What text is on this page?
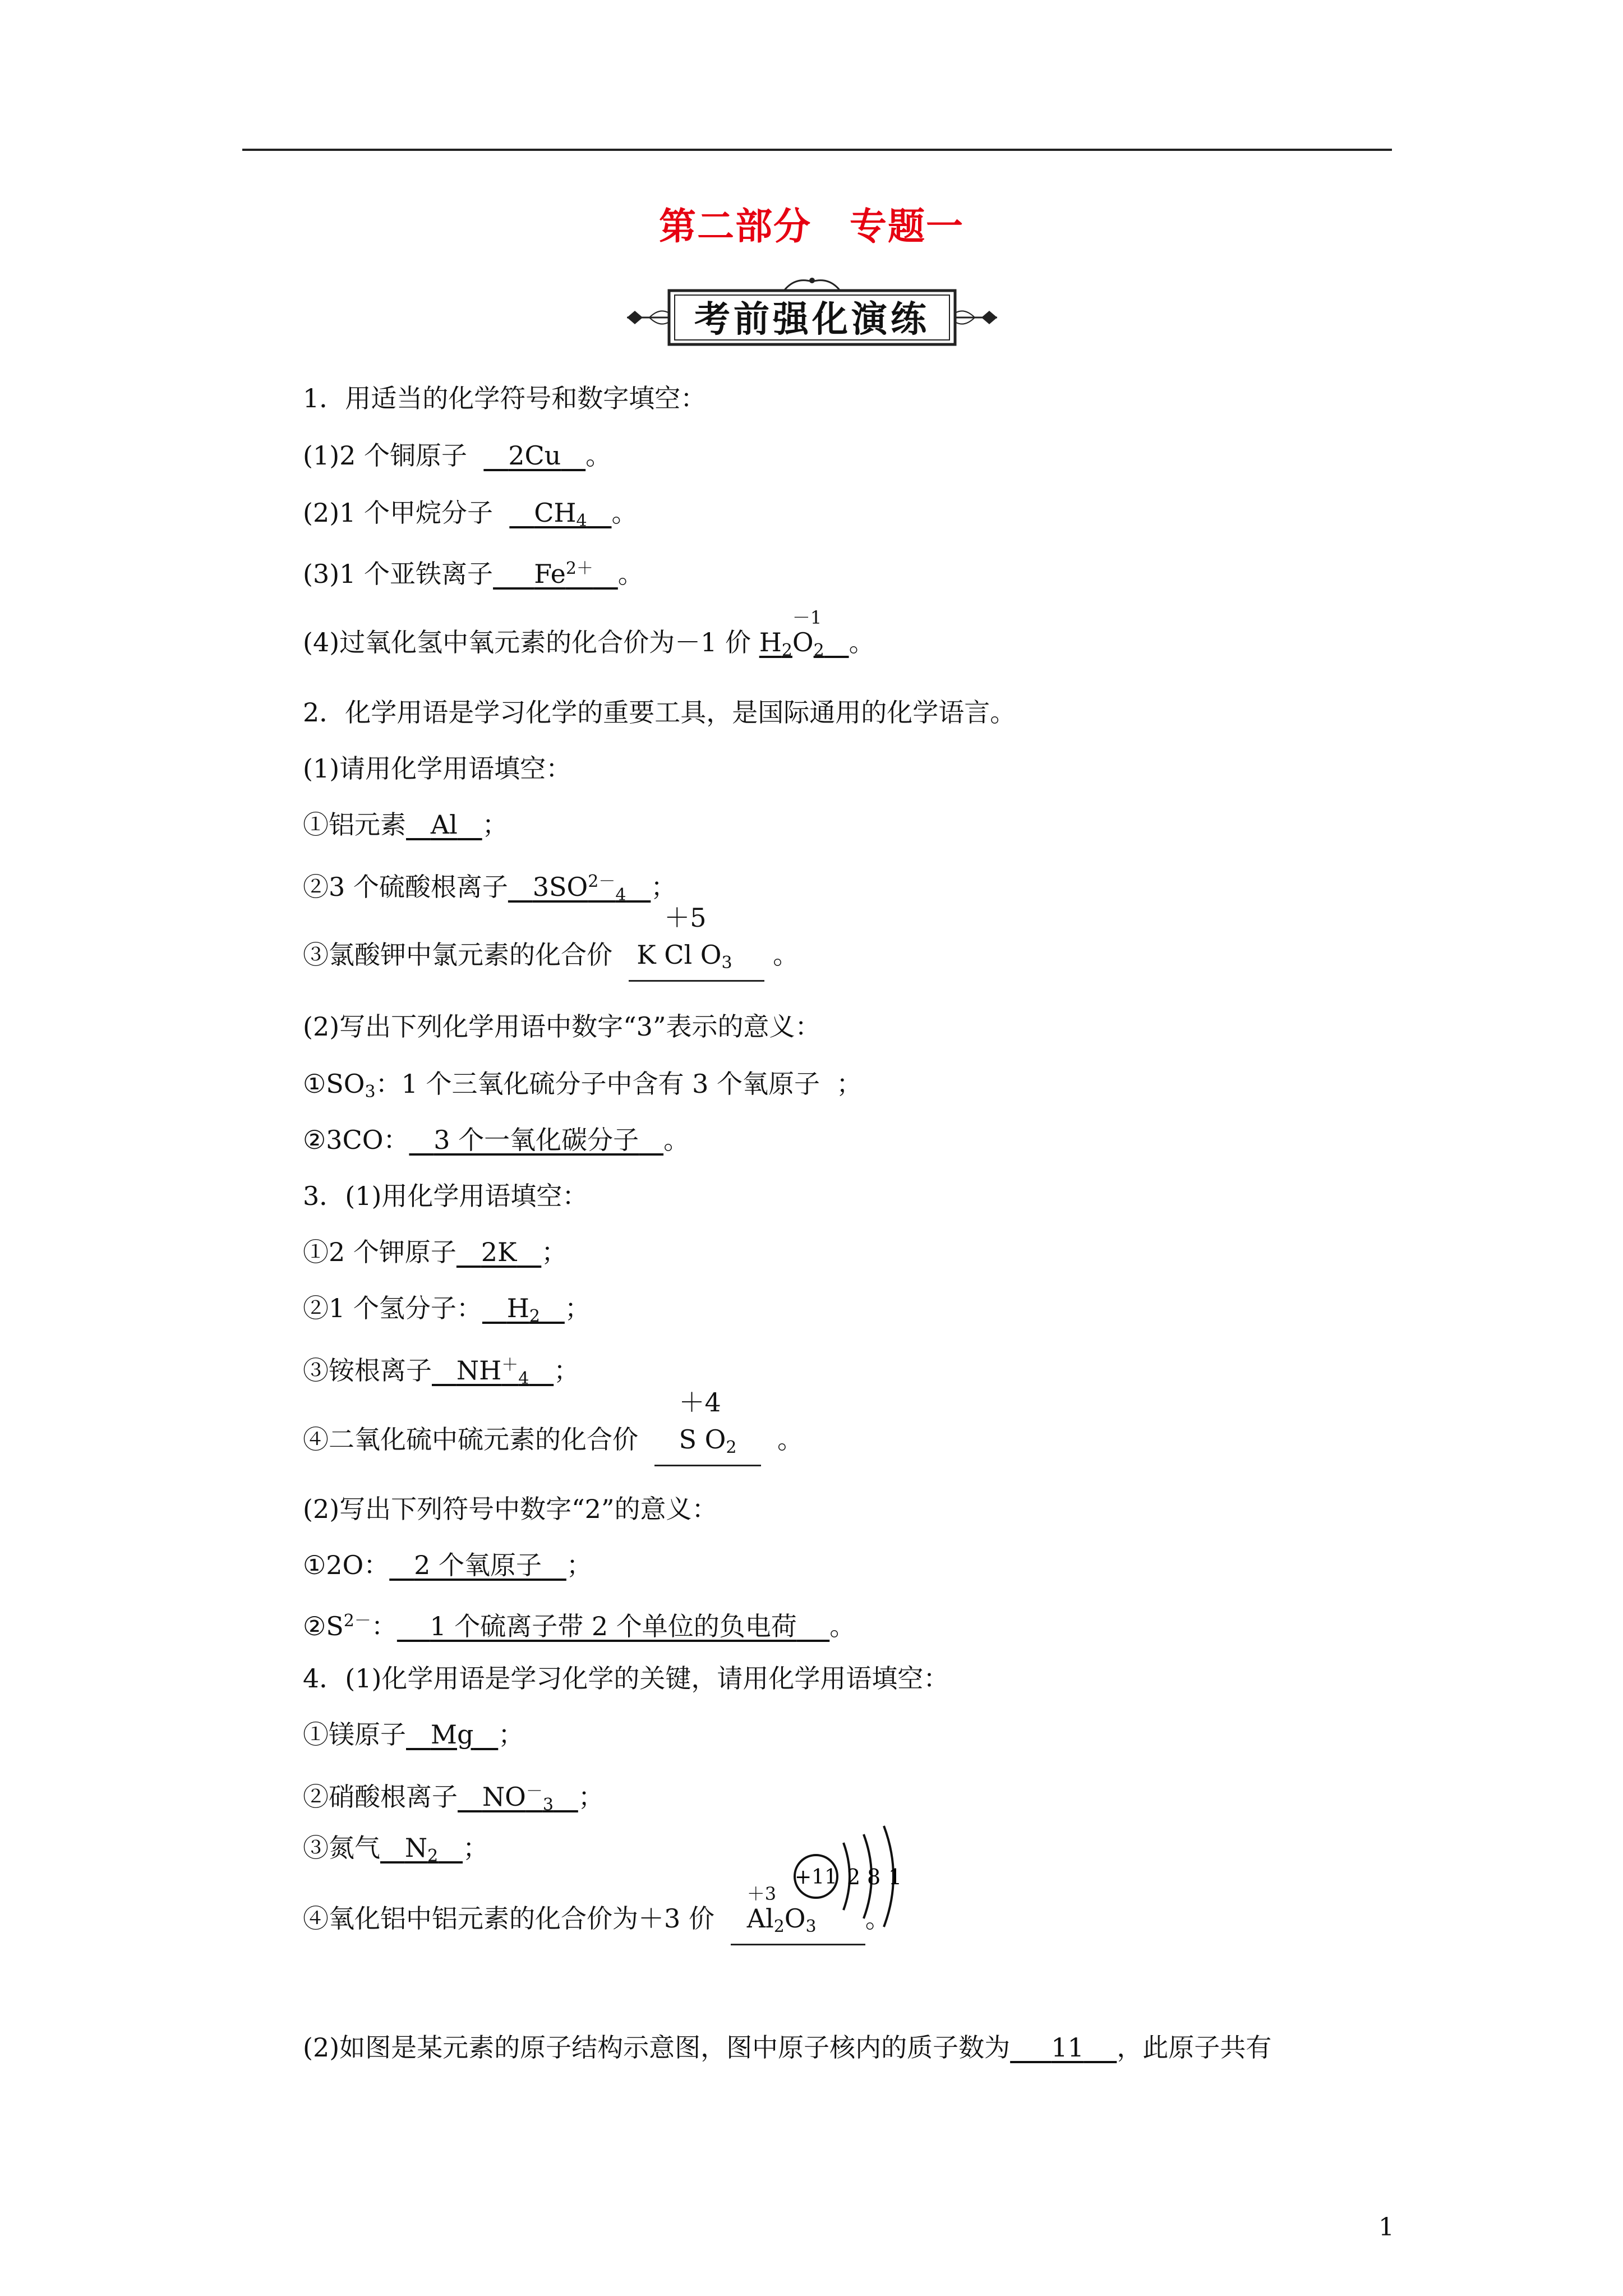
第二部分　专题一
考前强化演练
1．用适当的化学符号和数字填空：
(1)2 个铜原子 2Cu 。
(2)1 个甲烷分子 $CH_4$ 。
(3)1 个亚铁离子 $Fe^{2+}$ 。
(4)过氧化氢中氧元素的化合价为－1 价 $H_2$
－1
$O_2$ 。
2．化学用语是学习化学的重要工具，是国际通用的化学语言。
(1)请用化学用语填空：
①铝元素 Al ；
②3 个硫酸根离子 $3SO^{2-}_4$ ；
③氯酸钾中氯元素的化合价 K
＋5
Cl $O_3$ 。
(2)写出下列化学用语中数字“3”表示的意义：
$①SO_3$：1 个三氧化硫分子中含有 3 个氧原子 ；
②3CO： 3 个一氧化碳分子 。
3．(1)用化学用语填空：
①2 个钾原子 2K ；
②1 个氢分子： $H_2$ ；
③铵根离子 $NH^+_4$ ；
④二氧化硫中硫元素的化合价
＋4
S $O_2$ 。
(2)写出下列符号中数字“2”的意义：
①2O： 2 个氧原子 ；
$②S^{2-}$： 1 个硫离子带 2 个单位的负电荷 。
4．(1)化学用语是学习化学的关键，请用化学用语填空：
①镁原子 Mg ；
②硝酸根离子 $NO^-_3$ ；
③氮气 $N_2$ ；
④氧化铝中铝元素的化合价为＋3 价
＋3
$Al_2O_3$ 。
+11 2 8 1
(2)如图是某元素的原子结构示意图，图中原子核内的质子数为 11 ，此原子共有
1
